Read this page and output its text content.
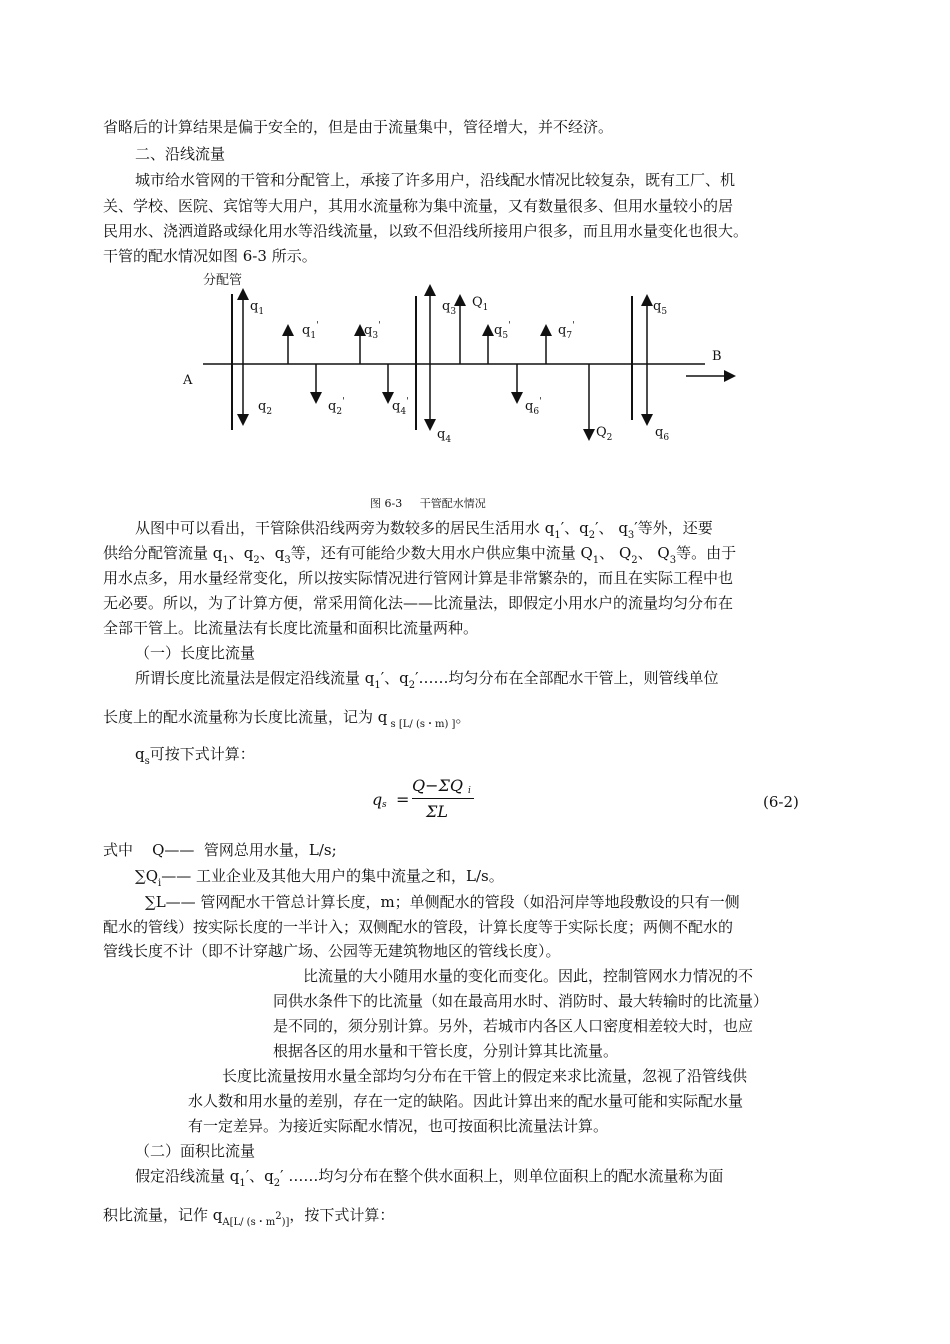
省略后的计算结果是偏于安全的，但是由于流量集中，管径增大，并不经济。
二、沿线流量
城市给水管网的干管和分配管上，承接了许多用户，沿线配水情况比较复杂，既有工厂、机
关、学校、医院、宾馆等大用户，其用水流量称为集中流量，又有数量很多、但用水量较小的居
民用水、浇洒道路或绿化用水等沿线流量，以致不但沿线所接用户很多，而且用水量变化也很大。
干管的配水情况如图 6-3 所示。
分配管
A
B
$q_1$
$q_1'$	$q_3'$
$q_3$
$Q_1$
$q_5'$	$q_7'$
$q_5$
$q_2$	$q_2'$	$q_4'$
$q_4$
$q_6'$
$Q_2$	$q_6$
图 6-3     干管配水情况
从图中可以看出，干管除供沿线两旁为数较多的居民生活用水 $q_1'$、$q_2'$、 $q_3'$等外，还要
供给分配管流量 $q_1$、$q_2$、$q_3$等，还有可能给少数大用水户供应集中流量 $Q_1$、 $Q_2$、 $Q_3$等。由于
用水点多，用水量经常变化，所以按实际情况进行管网计算是非常繁杂的，而且在实际工程中也
无必要。所以，为了计算方便，常采用简化法——比流量法，即假定小用水户的流量均匀分布在
全部干管上。比流量法有长度比流量和面积比流量两种。
（一）长度比流量
所谓长度比流量法是假定沿线流量 $q_1'$、$q_2'\dots\dots$均匀分布在全部配水干管上，则管线单位
长度上的配水流量称为长度比流量，记为 q $_{s [L/ (s・m) ]}$。
$q_s$可按下式计算：
q s =
Q−ΣQ i
ΣL	(6-2)
式中    Q——  管网总用水量，L/s;
$\sum Q_i——$ 工业企业及其他大用户的集中流量之和，L/s。
∑L—— 管网配水干管总计算长度，m；单侧配水的管段（如沿河岸等地段敷设的只有一侧
配水的管线）按实际长度的一半计入；双侧配水的管段，计算长度等于实际长度；两侧不配水的
管线长度不计（即不计穿越广场、公园等无建筑物地区的管线长度）。
比流量的大小随用水量的变化而变化。因此，控制管网水力情况的不
同供水条件下的比流量（如在最高用水时、消防时、最大转输时的比流量）
是不同的，须分别计算。另外，若城市内各区人口密度相差较大时，也应
根据各区的用水量和干管长度，分别计算其比流量。
长度比流量按用水量全部均匀分布在干管上的假定来求比流量，忽视了沿管线供
水人数和用水量的差别，存在一定的缺陷。因此计算出来的配水量可能和实际配水量
有一定差异。为接近实际配水情况，也可按面积比流量法计算。
（二）面积比流量
假定沿线流量 $q_1'$、$q_2'$ ……均匀分布在整个供水面积上，则单位面积上的配水流量称为面
积比流量，记作 $q_{A[L/ (s・m}2_{)]}$，按下式计算：
